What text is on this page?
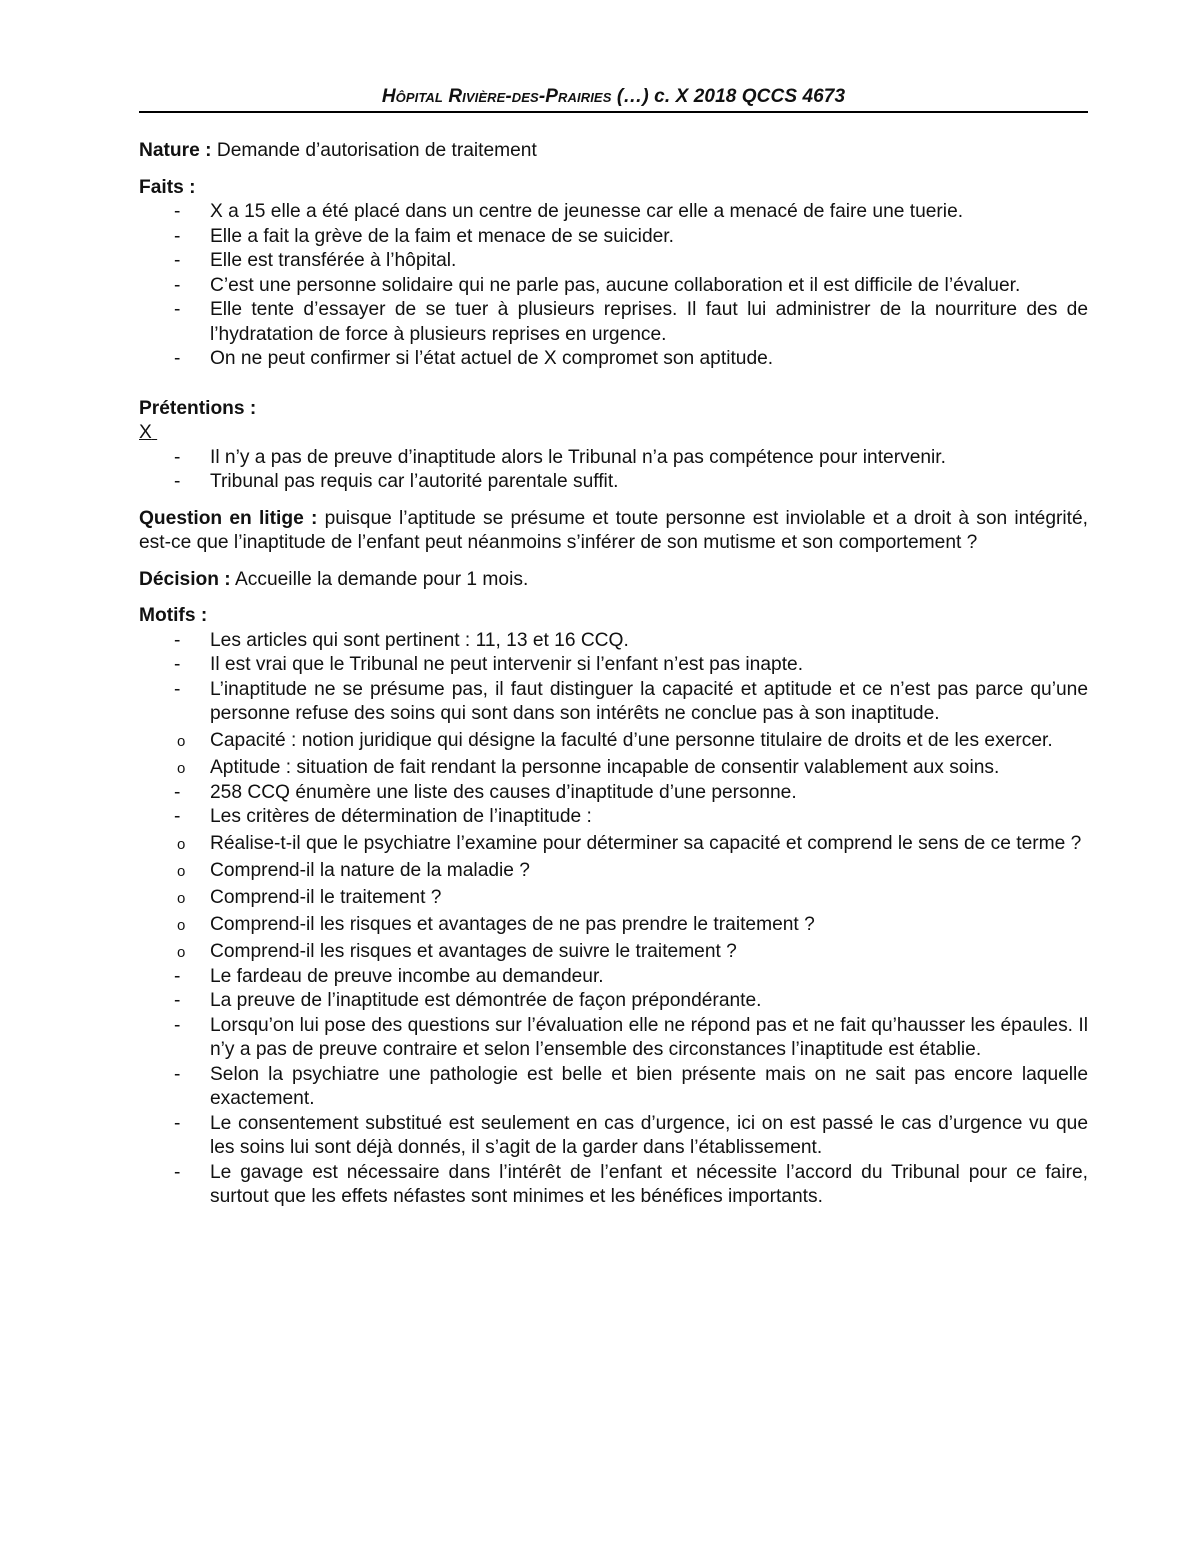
Hôpital Rivière-des-Prairies (…) c. X 2018 QCCS 4673

Nature : Demande d’autorisation de traitement

Faits :

- X a 15 elle a été placé dans un centre de jeunesse car elle a menacé de faire une tuerie.
- Elle a fait la grève de la faim et menace de se suicider.
- Elle est transférée à l’hôpital.
- C’est une personne solidaire qui ne parle pas, aucune collaboration et il est difficile de l’évaluer.
- Elle tente d’essayer de se tuer à plusieurs reprises. Il faut lui administrer de la nourriture des de l’hydratation de force à plusieurs reprises en urgence.
- On ne peut confirmer si l’état actuel de X compromet son aptitude.

Prétentions :

X

- Il n’y a pas de preuve d’inaptitude alors le Tribunal n’a pas compétence pour intervenir.
- Tribunal pas requis car l’autorité parentale suffit.

Question en litige : puisque l’aptitude se présume et toute personne est inviolable et a droit à son intégrité, est-ce que l’inaptitude de l’enfant peut néanmoins s’inférer de son mutisme et son comportement ?

Décision : Accueille la demande pour 1 mois.

Motifs :

- Les articles qui sont pertinent : 11, 13 et 16 CCQ.
- Il est vrai que le Tribunal ne peut intervenir si l’enfant n’est pas inapte.
- L’inaptitude ne se présume pas, il faut distinguer la capacité et aptitude et ce n’est pas parce qu’une personne refuse des soins qui sont dans son intérêts ne conclue pas à son inaptitude.
o Capacité : notion juridique qui désigne la faculté d’une personne titulaire de droits et de les exercer.
o Aptitude : situation de fait rendant la personne incapable de consentir valablement aux soins.
- 258 CCQ énumère une liste des causes d’inaptitude d’une personne.
- Les critères de détermination de l’inaptitude :
o Réalise-t-il que le psychiatre l’examine pour déterminer sa capacité et comprend le sens de ce terme ?
o Comprend-il la nature de la maladie ?
o Comprend-il le traitement ?
o Comprend-il les risques et avantages de ne pas prendre le traitement ?
o Comprend-il les risques et avantages de suivre le traitement ?
- Le fardeau de preuve incombe au demandeur.
- La preuve de l’inaptitude est démontrée de façon prépondérante.
- Lorsqu’on lui pose des questions sur l’évaluation elle ne répond pas et ne fait qu’hausser les épaules. Il n’y a pas de preuve contraire et selon l’ensemble des circonstances l’inaptitude est établie.
- Selon la psychiatre une pathologie est belle et bien présente mais on ne sait pas encore laquelle exactement.
- Le consentement substitué est seulement en cas d’urgence, ici on est passé le cas d’urgence vu que les soins lui sont déjà donnés, il s’agit de la garder dans l’établissement.
- Le gavage est nécessaire dans l’intérêt de l’enfant et nécessite l’accord du Tribunal pour ce faire, surtout que les effets néfastes sont minimes et les bénéfices importants.
